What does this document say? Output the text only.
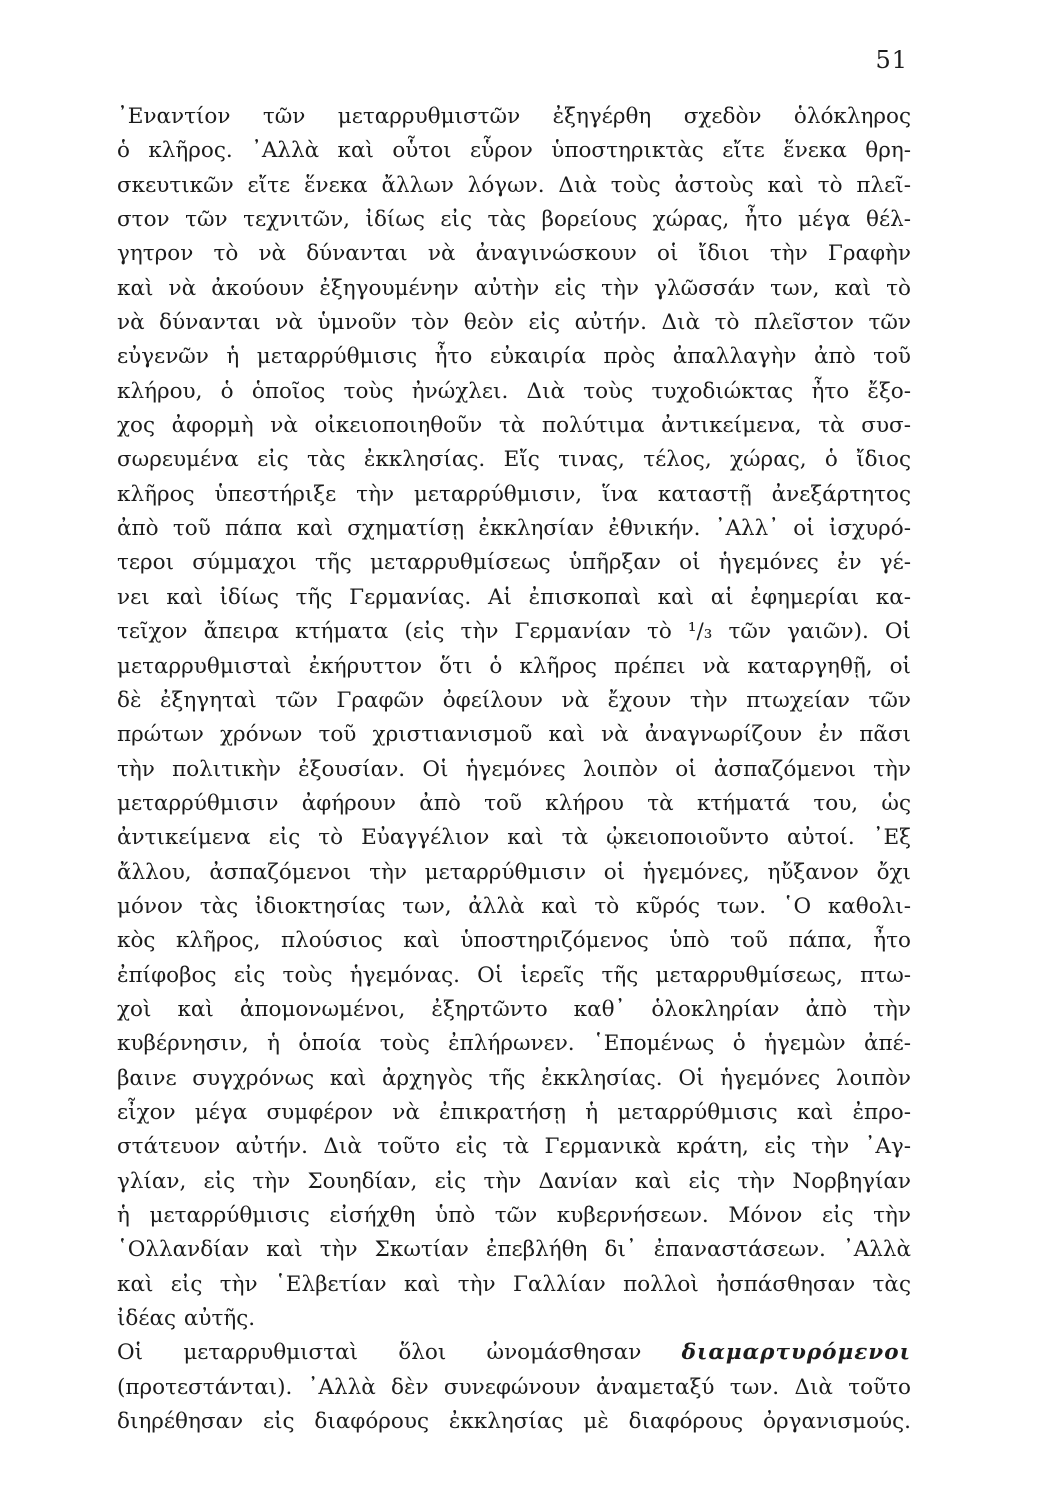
51
᾿Εναντίον τῶν μεταρρυθμιστῶν ἐξηγέρθη σχεδὸν ὁλόκληρος
ὁ κλῆρος. ᾿Αλλὰ καὶ οὗτοι εὗρον ὑποστηρικτὰς εἴτε ἕνεκα θρη-
σκευτικῶν εἴτε ἕνεκα ἄλλων λόγων. Διὰ τοὺς ἀστοὺς καὶ τὸ πλεῖ-
στον τῶν τεχνιτῶν, ἰδίως εἰς τὰς βορείους χώρας, ἦτο μέγα θέλ-
γητρον τὸ νὰ δύνανται νὰ ἀναγινώσκουν οἱ ἴδιοι τὴν Γραφὴν
καὶ νὰ ἀκούουν ἐξηγουμένην αὐτὴν εἰς τὴν γλῶσσάν των, καὶ τὸ
νὰ δύνανται νὰ ὑμνοῦν τὸν θεὸν εἰς αὐτήν. Διὰ τὸ πλεῖστον τῶν
εὐγενῶν ἡ μεταρρύθμισις ἦτο εὐκαιρία πρὸς ἀπαλλαγὴν ἀπὸ τοῦ
κλήρου, ὁ ὁποῖος τοὺς ἠνώχλει. Διὰ τοὺς τυχοδιώκτας ἦτο ἔξο-
χος ἀφορμὴ νὰ οἰκειοποιηθοῦν τὰ πολύτιμα ἀντικείμενα, τὰ συσ-
σωρευμένα εἰς τὰς ἐκκλησίας. Εἴς τινας, τέλος, χώρας, ὁ ἴδιος
κλῆρος ὑπεστήριξε τὴν μεταρρύθμισιν, ἵνα καταστῇ ἀνεξάρτητος
ἀπὸ τοῦ πάπα καὶ σχηματίσῃ ἐκκλησίαν ἐθνικήν. ᾿Αλλ᾿ οἱ ἰσχυρό-
τεροι σύμμαχοι τῆς μεταρρυθμίσεως ὑπῆρξαν οἱ ἡγεμόνες ἐν γέ-
νει καὶ ἰδίως τῆς Γερμανίας. Αἱ ἐπισκοπαὶ καὶ αἱ ἐφημερίαι κα-
τεῖχον ἄπειρα κτήματα (εἰς τὴν Γερμανίαν τὸ ¹/₃ τῶν γαιῶν). Οἱ
μεταρρυθμισταὶ ἐκήρυττον ὅτι ὁ κλῆρος πρέπει νὰ καταργηθῇ, οἱ
δὲ ἐξηγηταὶ τῶν Γραφῶν ὀφείλουν νὰ ἔχουν τὴν πτωχείαν τῶν
πρώτων χρόνων τοῦ χριστιανισμοῦ καὶ νὰ ἀναγνωρίζουν ἐν πᾶσι
τὴν πολιτικὴν ἐξουσίαν. Οἱ ἡγεμόνες λοιπὸν οἱ ἀσπαζόμενοι τὴν
μεταρρύθμισιν ἀφήρουν ἀπὸ τοῦ κλήρου τὰ κτήματά του, ὡς
ἀντικείμενα εἰς τὸ Εὐαγγέλιον καὶ τὰ ᾠκειοποιοῦντο αὐτοί. ᾿Εξ
ἄλλου, ἀσπαζόμενοι τὴν μεταρρύθμισιν οἱ ἡγεμόνες, ηὔξανον ὄχι
μόνον τὰς ἰδιοκτησίας των, ἀλλὰ καὶ τὸ κῦρός των. ῾Ο καθολι-
κὸς κλῆρος, πλούσιος καὶ ὑποστηριζόμενος ὑπὸ τοῦ πάπα, ἦτο
ἐπίφοβος εἰς τοὺς ἡγεμόνας. Οἱ ἱερεῖς τῆς μεταρρυθμίσεως, πτω-
χοὶ καὶ ἀπομονωμένοι, ἐξηρτῶντο καθ᾿ ὁλοκληρίαν ἀπὸ τὴν
κυβέρνησιν, ἡ ὁποία τοὺς ἐπλήρωνεν. ῾Επομένως ὁ ἡγεμὼν ἀπέ-
βαινε συγχρόνως καὶ ἀρχηγὸς τῆς ἐκκλησίας. Οἱ ἡγεμόνες λοιπὸν
εἶχον μέγα συμφέρον νὰ ἐπικρατήσῃ ἡ μεταρρύθμισις καὶ ἐπρο-
στάτευον αὐτήν. Διὰ τοῦτο εἰς τὰ Γερμανικὰ κράτη, εἰς τὴν ᾿Αγ-
γλίαν, εἰς τὴν Σουηδίαν, εἰς τὴν Δανίαν καὶ εἰς τὴν Νορβηγίαν
ἡ μεταρρύθμισις εἰσήχθη ὑπὸ τῶν κυβερνήσεων. Μόνον εἰς τὴν
῾Ολλανδίαν καὶ τὴν Σκωτίαν ἐπεβλήθη δι᾿ ἐπαναστάσεων. ᾿Αλλὰ
καὶ εἰς τὴν ῾Ελβετίαν καὶ τὴν Γαλλίαν πολλοὶ ἠσπάσθησαν τὰς
ἰδέας αὐτῆς.
Οἱ μεταρρυθμισταὶ ὅλοι ὠνομάσθησαν διαμαρτυρόμενοι
(προτεστάνται). ᾿Αλλὰ δὲν συνεφώνουν ἀναμεταξύ των. Διὰ τοῦτο
διηρέθησαν εἰς διαφόρους ἐκκλησίας μὲ διαφόρους ὀργανισμούς.
